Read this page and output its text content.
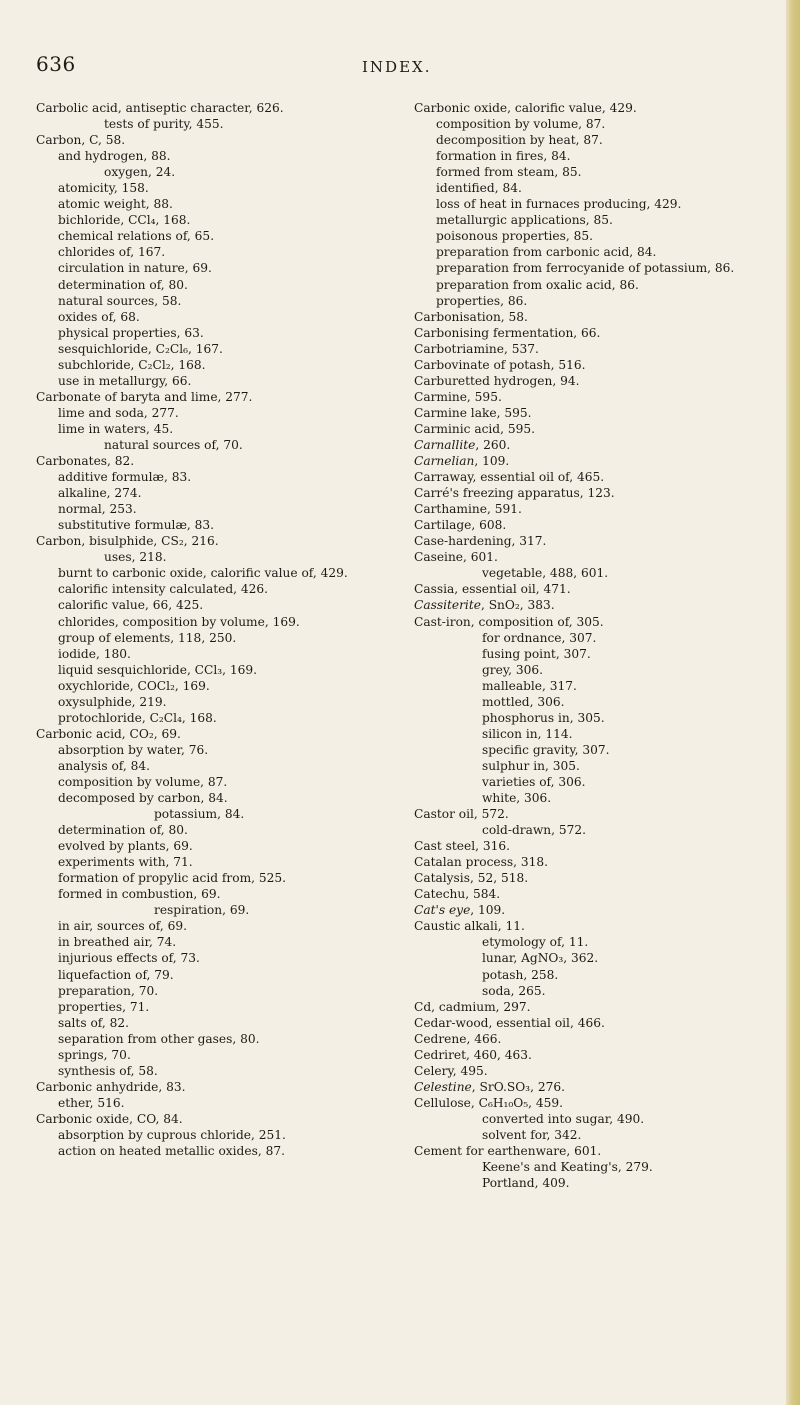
636	INDEX.
Carbolic acid, antiseptic character, 626.
tests of purity, 455.
Carbon, C, 58.
and hydrogen, 88.
oxygen, 24.
atomicity, 158.
atomic weight, 88.
bichloride, CCl₄, 168.
chemical relations of, 65.
chlorides of, 167.
circulation in nature, 69.
determination of, 80.
natural sources, 58.
oxides of, 68.
physical properties, 63.
sesquichloride, C₂Cl₆, 167.
subchloride, C₂Cl₂, 168.
use in metallurgy, 66.
Carbonate of baryta and lime, 277.
lime and soda, 277.
lime in waters, 45.
natural sources of, 70.
Carbonates, 82.
additive formulæ, 83.
alkaline, 274.
normal, 253.
substitutive formulæ, 83.
Carbon, bisulphide, CS₂, 216.
uses, 218.
burnt to carbonic oxide, calorific value of, 429.
calorific intensity calculated, 426.
calorific value, 66, 425.
chlorides, composition by volume, 169.
group of elements, 118, 250.
iodide, 180.
liquid sesquichloride, CCl₃, 169.
oxychloride, COCl₂, 169.
oxysulphide, 219.
protochloride, C₂Cl₄, 168.
Carbonic acid, CO₂, 69.
absorption by water, 76.
analysis of, 84.
composition by volume, 87.
decomposed by carbon, 84.
potassium, 84.
determination of, 80.
evolved by plants, 69.
experiments with, 71.
formation of propylic acid from, 525.
formed in combustion, 69.
respiration, 69.
in air, sources of, 69.
in breathed air, 74.
injurious effects of, 73.
liquefaction of, 79.
preparation, 70.
properties, 71.
salts of, 82.
separation from other gases, 80.
springs, 70.
synthesis of, 58.
Carbonic anhydride, 83.
ether, 516.
Carbonic oxide, CO, 84.
absorption by cuprous chloride, 251.
action on heated metallic oxides, 87.
Carbonic oxide, calorific value, 429.
composition by volume, 87.
decomposition by heat, 87.
formation in fires, 84.
formed from steam, 85.
identified, 84.
loss of heat in furnaces producing, 429.
metallurgic applications, 85.
poisonous properties, 85.
preparation from carbonic acid, 84.
preparation from ferrocyanide of potassium, 86.
preparation from oxalic acid, 86.
properties, 86.
Carbonisation, 58.
Carbonising fermentation, 66.
Carbotriamine, 537.
Carbovinate of potash, 516.
Carburetted hydrogen, 94.
Carmine, 595.
Carmine lake, 595.
Carminic acid, 595.
Carnallite, 260.
Carnelian, 109.
Carraway, essential oil of, 465.
Carré's freezing apparatus, 123.
Carthamine, 591.
Cartilage, 608.
Case-hardening, 317.
Caseine, 601.
vegetable, 488, 601.
Cassia, essential oil, 471.
Cassiterite, SnO₂, 383.
Cast-iron, composition of, 305.
for ordnance, 307.
fusing point, 307.
grey, 306.
malleable, 317.
mottled, 306.
phosphorus in, 305.
silicon in, 114.
specific gravity, 307.
sulphur in, 305.
varieties of, 306.
white, 306.
Castor oil, 572.
cold-drawn, 572.
Cast steel, 316.
Catalan process, 318.
Catalysis, 52, 518.
Catechu, 584.
Cat's eye, 109.
Caustic alkali, 11.
etymology of, 11.
lunar, AgNO₃, 362.
potash, 258.
soda, 265.
Cd, cadmium, 297.
Cedar-wood, essential oil, 466.
Cedrene, 466.
Cedriret, 460, 463.
Celery, 495.
Celestine, SrO.SO₃, 276.
Cellulose, C₆H₁₀O₅, 459.
converted into sugar, 490.
solvent for, 342.
Cement for earthenware, 601.
Keene's and Keating's, 279.
Portland, 409.
